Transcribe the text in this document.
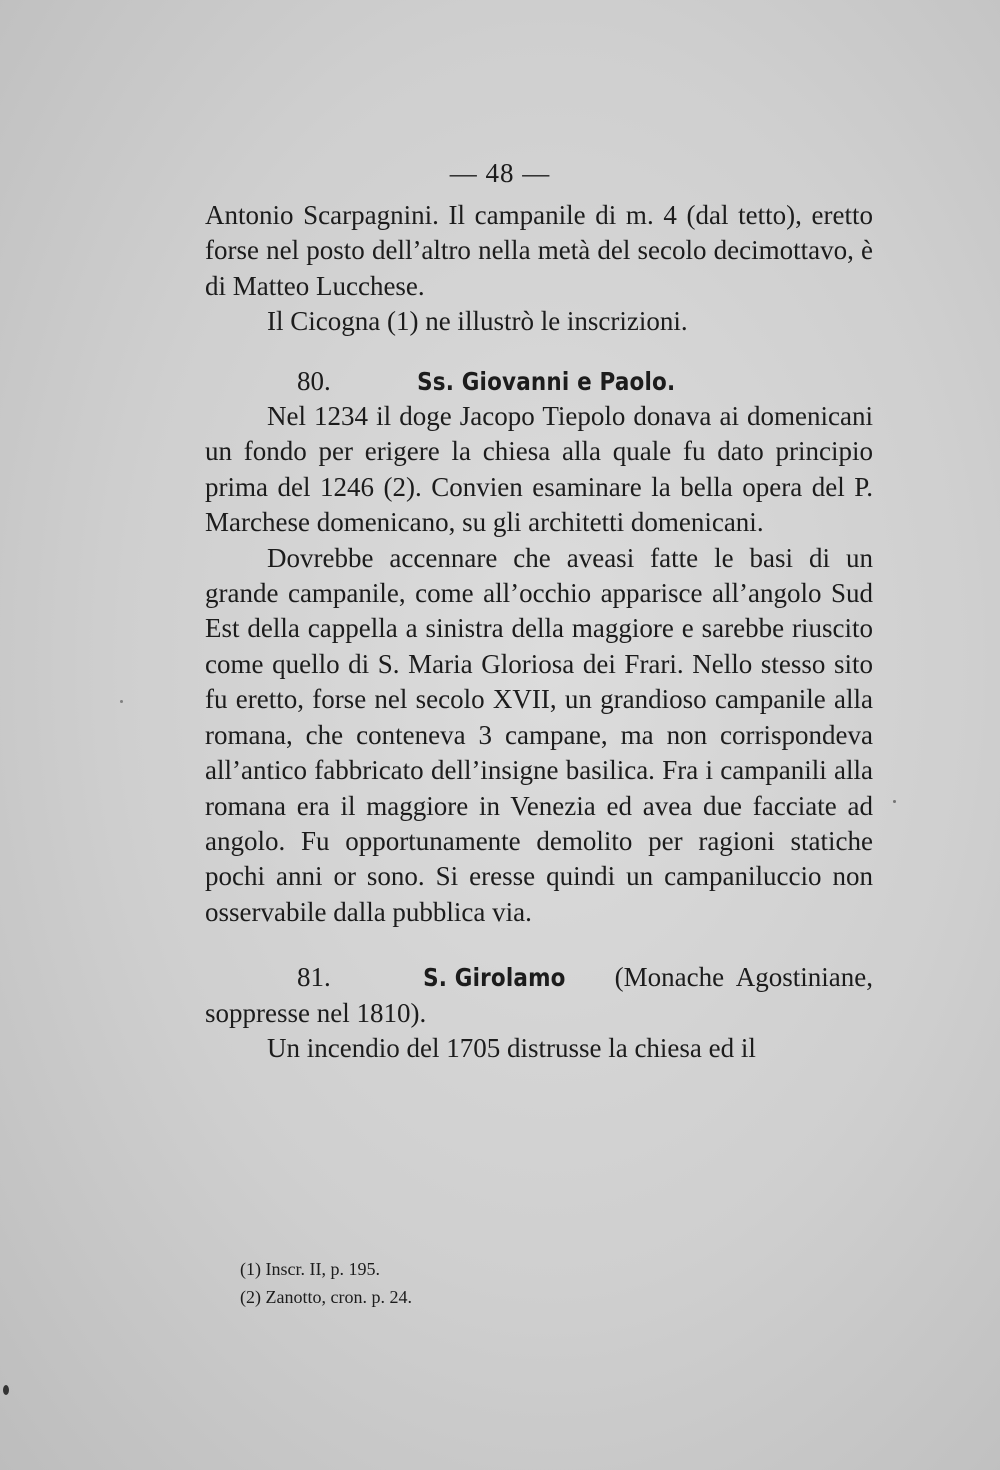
— 48 —

Antonio Scarpagnini. Il campanile di m. 4 (dal tetto), eretto forse nel posto dell’altro nella metà del secolo decimottavo, è di Matteo Lucchese.

Il Cicogna (1) ne illustrò le inscrizioni.

80.	Ss. Giovanni e Paolo.

Nel 1234 il doge Jacopo Tiepolo donava ai domenicani un fondo per erigere la chiesa alla quale fu dato principio prima del 1246 (2). Convien esaminare la bella opera del P. Marchese domenicano, su gli architetti domenicani.

Dovrebbe accennare che aveasi fatte le basi di un grande campanile, come all’occhio apparisce all’angolo Sud Est della cappella a sinistra della maggiore e sarebbe riuscito come quello di S. Maria Gloriosa dei Frari. Nello stesso sito fu eretto, forse nel secolo XVII, un grandioso campanile alla romana, che conteneva 3 campane, ma non corrispondeva all’antico fabbricato dell’insigne basilica. Fra i campanili alla romana era il maggiore in Venezia ed avea due facciate ad angolo. Fu opportunamente demolito per ragioni statiche pochi anni or sono. Si eresse quindi un campaniluccio non osservabile dalla pubblica via.

81.	S. Girolamo (Monache Agostiniane, soppresse nel 1810).

Un incendio del 1705 distrusse la chiesa ed il

(1) Inscr. II, p. 195.
(2) Zanotto, cron. p. 24.
